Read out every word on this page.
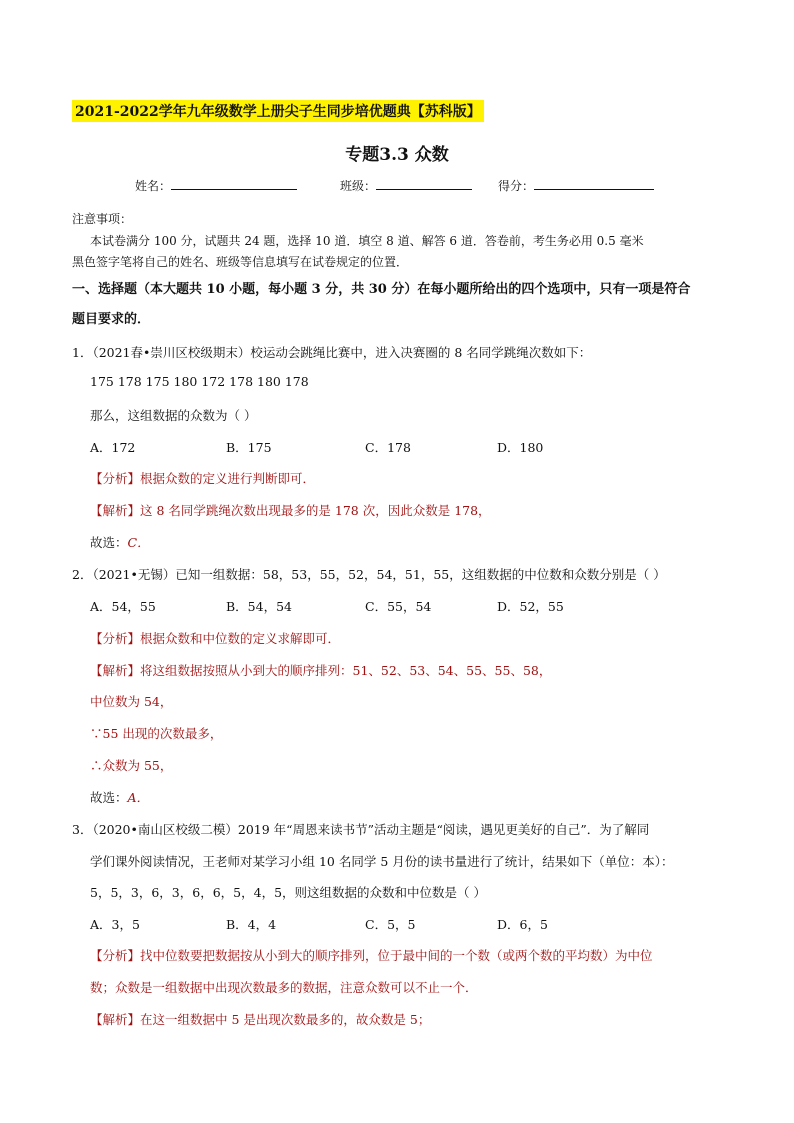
2021-2022学年九年级数学上册尖子生同步培优题典【苏科版】
专题3.3 众数
姓名：	班级：	得分：
注意事项：
本试卷满分 100 分，试题共 24 题，选择 10 道．填空 8 道、解答 6 道．答卷前，考生务必用 0.5 毫米
黑色签字笔将自己的姓名、班级等信息填写在试卷规定的位置．
一、选择题（本大题共 10 小题，每小题 3 分，共 30 分）在每小题所给出的四个选项中，只有一项是符合
题目要求的．
1．（2021春•崇川区校级期末）校运动会跳绳比赛中，进入决赛圈的 8 名同学跳绳次数如下：
175 178 175 180 172 178 180 178
那么，这组数据的众数为（ ）
A．172	B．175	C．178	D．180
【分析】根据众数的定义进行判断即可．
【解析】这 8 名同学跳绳次数出现最多的是 178 次，因此众数是 178，
故选：C．
2．（2021•无锡）已知一组数据：58，53，55，52，54，51，55，这组数据的中位数和众数分别是（ ）
A．54，55	B．54，54	C．55，54	D．52，55
【分析】根据众数和中位数的定义求解即可．
【解析】将这组数据按照从小到大的顺序排列：51、52、53、54、55、55、58，
中位数为 54，
∵55 出现的次数最多，
∴众数为 55，
故选：A．
3．（2020•南山区校级二模）2019 年“周恩来读书节”活动主题是“阅读，遇见更美好的自己”．为了解同
学们课外阅读情况，王老师对某学习小组 10 名同学 5 月份的读书量进行了统计，结果如下（单位：本）：
5，5，3，6，3，6，6，5，4，5，则这组数据的众数和中位数是（ ）
A．3，5	B．4，4	C．5，5	D．6，5
【分析】找中位数要把数据按从小到大的顺序排列，位于最中间的一个数（或两个数的平均数）为中位
数；众数是一组数据中出现次数最多的数据，注意众数可以不止一个．
【解析】在这一组数据中 5 是出现次数最多的，故众数是 5；
